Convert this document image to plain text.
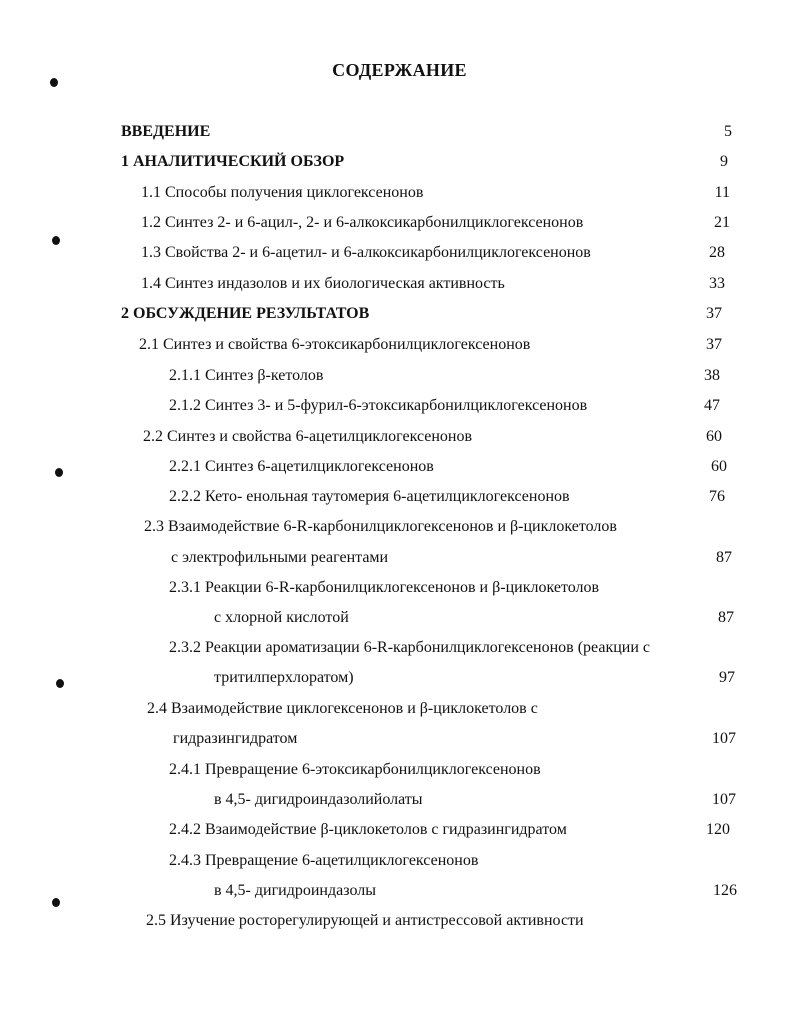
СОДЕРЖАНИЕ
ВВЕДЕНИЕ	5
1 АНАЛИТИЧЕСКИЙ ОБЗОР	9
1.1 Способы получения циклогексенонов	11
1.2 Синтез 2- и 6-ацил-, 2- и 6-алкоксикарбонилциклогексенонов	21
1.3 Свойства 2- и 6-ацетил- и 6-алкоксикарбонилциклогексенонов	28
1.4 Синтез индазолов и их биологическая активность	33
2 ОБСУЖДЕНИЕ РЕЗУЛЬТАТОВ	37
2.1 Синтез и свойства 6-этоксикарбонилциклогексенонов	37
2.1.1 Синтез β-кетолов	38
2.1.2 Синтез 3- и 5-фурил-6-этоксикарбонилциклогексенонов	47
2.2 Синтез и свойства 6-ацетилциклогексенонов	60
2.2.1 Синтез 6-ацетилциклогексенонов	60
2.2.2 Кето- енольная таутомерия 6-ацетилциклогексенонов	76
2.3 Взаимодействие 6-R-карбонилциклогексенонов и β-циклокетолов
с электрофильными реагентами	87
2.3.1 Реакции 6-R-карбонилциклогексенонов и β-циклокетолов
с хлорной кислотой	87
2.3.2 Реакции ароматизации 6-R-карбонилциклогексенонов (реакции с
тритилперхлоратом)	97
2.4 Взаимодействие циклогексенонов и β-циклокетолов с
гидразингидратом	107
2.4.1 Превращение 6-этоксикарбонилциклогексенонов
в 4,5- дигидроиндазолийолаты	107
2.4.2 Взаимодействие β-циклокетолов с гидразингидратом	120
2.4.3 Превращение 6-ацетилциклогексенонов
в 4,5- дигидроиндазолы	126
2.5 Изучение росторегулирующей и антистрессовой активности
